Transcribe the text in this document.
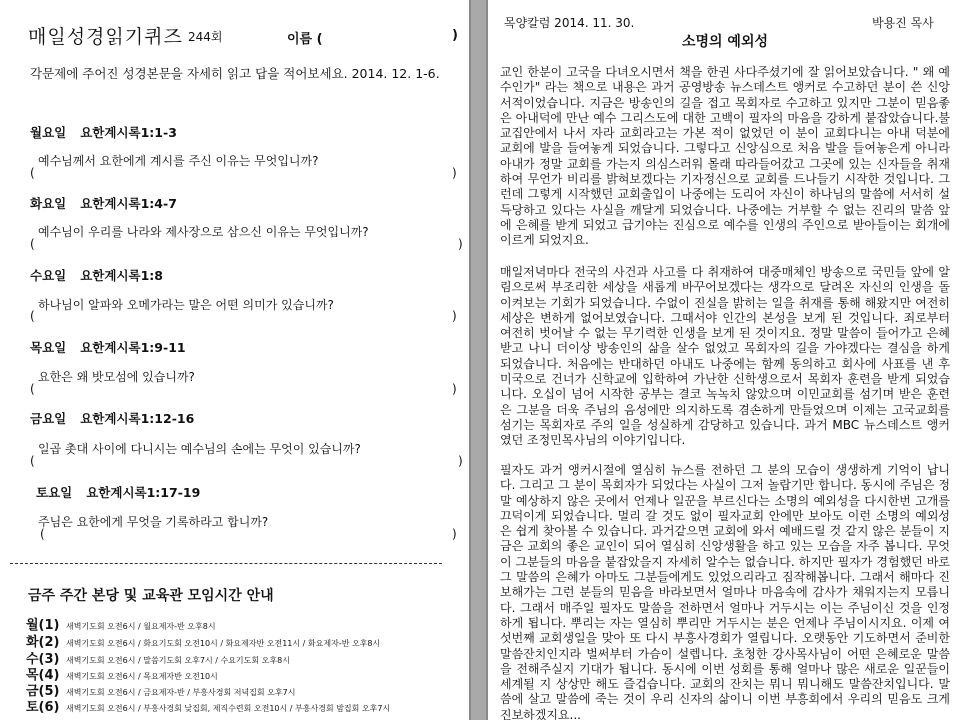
매일성경읽기퀴즈 244회	이름 (	)
각문제에 주어진 성경본문을 자세히 읽고 답을 적어보세요. 2014. 12. 1-6.
월요일 요한계시록1:1-3
예수님께서 요한에게 계시를 주신 이유는 무엇입니까?
(	)
화요일 요한계시록1:4-7
예수님이 우리를 나라와 제사장으로 삼으신 이유는 무엇입니까?
(	)
수요일 요한계시록1:8
하나님이 알파와 오메가라는 말은 어떤 의미가 있습니까?
(	)
목요일 요한계시록1:9-11
요한은 왜 밧모섬에 있습니까?
(	)
금요일 요한계시록1:12-16
일곱 촛대 사이에 다니시는 예수님의 손에는 무엇이 있습니까?
(	)
토요일 요한계시록1:17-19
주님은 요한에게 무엇을 기록하라고 합니까?
(	)
금주 주간 본당 및 교육관 모임시간 안내
월(1) 새벽기도회 오전6시 / 월요제자-반 오후8시
화(2) 새벽기도회 오전6시 / 화요기도회 오전10시 / 화요제자반 오전11시 / 화요제자-반 오후8시
수(3) 새벽기도회 오전6시 / 말씀기도회 오후7시 / 수요기도회 오후8시
목(4) 새벽기도회 오전6시 / 목요제자반 오전10시
금(5) 새벽기도회 오전6시 / 금요제자-반 / 부흥사경회 저녁집회 오후7시
토(6) 새벽기도회 오전6시 / 부흥사경회 낮집회, 제직수련회 오전10시 / 부흥사경회 밤집회 오후7시
목양칼럼 2014. 11. 30.	박용진 목사
소명의 예외성
교인 한분이 고국을 다녀오시면서 책을 한권 사다주셨기에 잘 읽어보았습니다. " 왜 예수인가" 라는 책으로 내용은 과거 공영방송 뉴스데스트 앵커로 수고하던 분이 쓴 신앙서적이었습니다. 지금은 방송인의 길을 접고 목회자로 수고하고 있지만 그분이 믿음좋은 아내덕에 만난 예수 그리스도에 대한 고백이 필자의 마음을 강하게 붙잡았습니다.불교집안에서 나서 자라 교회라고는 가본 적이 없었던 이 분이 교회다니는 아내 덕분에 교회에 발을 들여놓게 되었습니다. 그렇다고 신앙심으로 처음 발을 들여놓은게 아니라 아내가 정말 교회를 가는지 의심스러워 몰래 따라들어갔고 그곳에 있는 신자들을 취재하여 무언가 비리를 밝혀보겠다는 기자정신으로 교회를 드나들기 시작한 것입니다. 그런데 그렇게 시작했던 교회출입이 나중에는 도리어 자신이 하나님의 말씀에 서서히 설득당하고 있다는 사실을 깨달게 되었습니다. 나중에는 거부할 수 없는 진리의 말씀 앞에 은혜를 받게 되었고 급기야는 진심으로 예수를 인생의 주인으로 받아들이는 회개에 이르게 되었지요.
매일저녁마다 전국의 사건과 사고를 다 취재하여 대중매체인 방송으로 국민들 앞에 알림으로써 부조리한 세상을 새롭게 바꾸어보겠다는 생각으로 달려온 자신의 인생을 돌이켜보는 기회가 되었습니다. 수없이 진실을 밝히는 일을 취재를 통해 해왔지만 여전히 세상은 변하게 없어보였습니다. 그때서야 인간의 본성을 보게 된 것입니다. 죄로부터 여전히 벗어날 수 없는 무기력한 인생을 보게 된 것이지요. 정말 말씀이 들어가고 은혜받고 나니 더이상 방송인의 삶을 살수 없었고 목회자의 길을 가야겠다는 결심을 하게 되었습니다. 처음에는 반대하던 아내도 나중에는 함께 동의하고 회사에 사표를 낸 후 미국으로 건너가 신학교에 입학하여 가난한 신학생으로서 목회자 훈련을 받게 되었습니다. 오십이 넘어 시작한 공부는 결코 녹녹치 않았으며 이민교회를 섬기며 받은 훈련은 그분을 더욱 주님의 음성에만 의지하도록 겸손하게 만들었으며 이제는 고국교회를 섬기는 목회자로 주의 일을 성실하게 감당하고 있습니다. 과거 MBC 뉴스데스트 앵커였던 조정민목사님의 이야기입니다.
필자도 과거 앵커시절에 열심히 뉴스를 전하던 그 분의 모습이 생생하게 기억이 납니다. 그리고 그 분이 목회자가 되었다는 사실이 그저 놀랍기만 합니다. 동시에 주님은 정말 예상하지 않은 곳에서 언제나 일꾼을 부르신다는 소명의 예외성을 다시한번 고개를 끄덕이게 되었습니다. 멀리 갈 것도 없이 필자교회 안에만 보아도 이런 소명의 예외성은 쉽게 찾아볼 수 있습니다. 과거같으면 교회에 와서 예배드릴 것 같지 않은 분들이 지금은 교회의 좋은 교인이 되어 열심히 신앙생활을 하고 있는 모습을 자주 봅니다. 무엇이 그분들의 마음을 붙잡았을지 자세히 알수는 없습니다. 하지만 필자가 경험했던 바로 그 말씀의 은혜가 아마도 그분들에게도 있었으리라고 짐작해봅니다. 그래서 해마다 진보해가는 그런 분들의 믿음을 바라보면서 얼마나 마음속에 감사가 채워지는지 모릅니다. 그래서 매주일 필자도 말씀을 전하면서 얼마나 거두시는 이는 주님이신 것을 인정하게 됩니다. 뿌리는 자는 열심히 뿌리만 거두시는 분은 언제나 주님이시지요. 이제 여섯번째 교회생일을 맞아 또 다시 부흥사경회가 열립니다. 오랫동안 기도하면서 준비한 말씀잔치인지라 벌써부터 가슴이 설렙니다. 초청한 강사목사님이 어떤 은혜로운 말씀을 전해주실지 기대가 됩니다. 동시에 이번 성회를 통해 얼마나 많은 새로운 일꾼들이 세계될 지 상상만 해도 즐겁습니다. 교회의 잔치는 뭐니 뭐니해도 말씀잔치입니다. 말씀에 살고 말씀에 죽는 것이 우리 신자의 삶이니 이번 부흥회에서 우리의 믿음도 크게 진보하겠지요...
